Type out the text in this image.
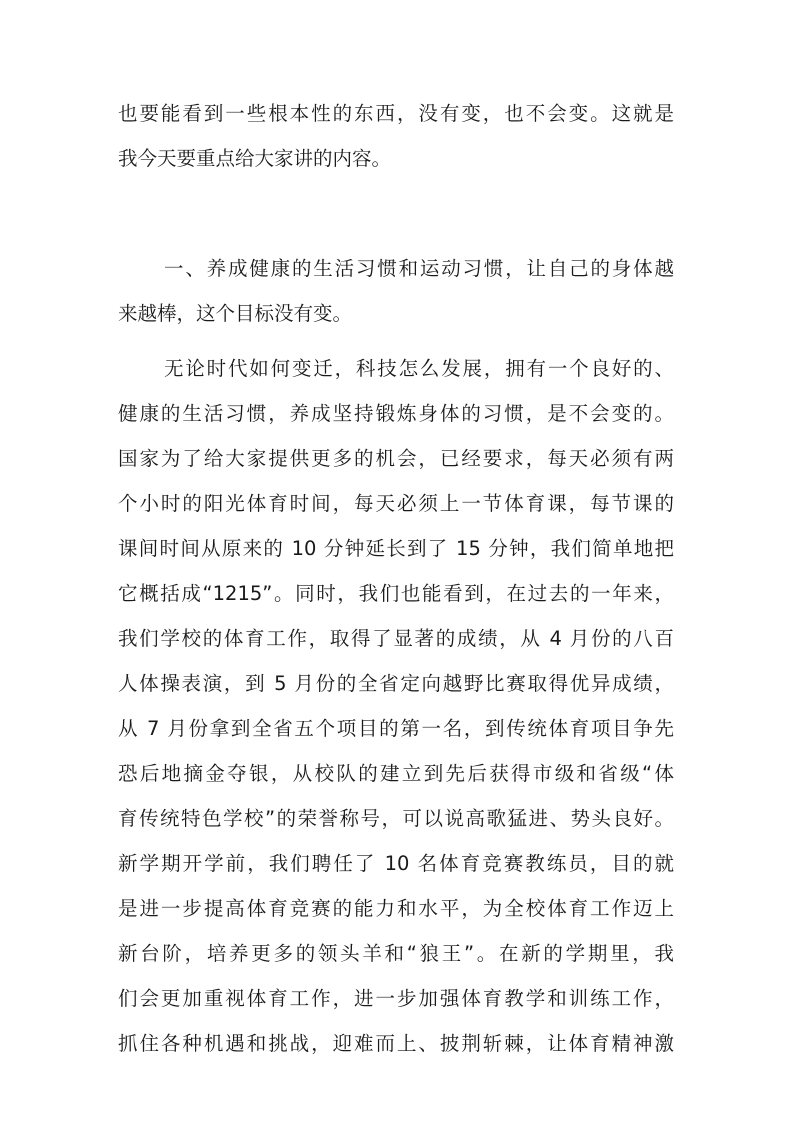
也要能看到一些根本性的东西，没有变，也不会变。这就是
我今天要重点给大家讲的内容。
一、养成健康的生活习惯和运动习惯，让自己的身体越
来越棒，这个目标没有变。
无论时代如何变迁，科技怎么发展，拥有一个良好的、
健康的生活习惯，养成坚持锻炼身体的习惯，是不会变的。
国家为了给大家提供更多的机会，已经要求，每天必须有两
个小时的阳光体育时间，每天必须上一节体育课，每节课的
课间时间从原来的 10 分钟延长到了 15 分钟，我们简单地把
它概括成“1215”。同时，我们也能看到，在过去的一年来，
我们学校的体育工作，取得了显著的成绩，从 4 月份的八百
人体操表演，到 5 月份的全省定向越野比赛取得优异成绩，
从 7 月份拿到全省五个项目的第一名，到传统体育项目争先
恐后地摘金夺银，从校队的建立到先后获得市级和省级“体
育传统特色学校”的荣誉称号，可以说高歌猛进、势头良好。
新学期开学前，我们聘任了 10 名体育竞赛教练员，目的就
是进一步提高体育竞赛的能力和水平，为全校体育工作迈上
新台阶，培养更多的领头羊和“狼王”。在新的学期里，我
们会更加重视体育工作，进一步加强体育教学和训练工作，
抓住各种机遇和挑战，迎难而上、披荆斩棘，让体育精神激
